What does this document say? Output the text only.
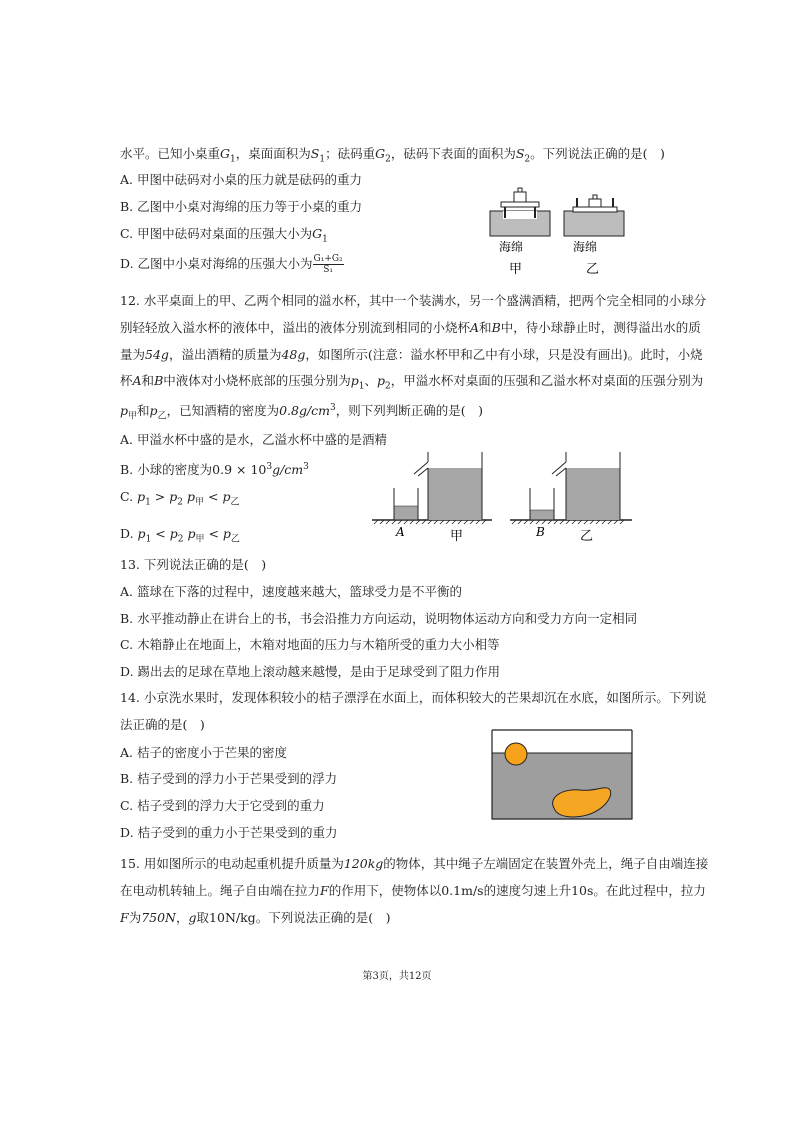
水平。已知小桌重$G_1$，桌面面积为$S_1$；砝码重$G_2$，砝码下表面的面积为$S_2$。下列说法正确的是(　)
A. 甲图中砝码对小桌的压力就是砝码的重力
B. 乙图中小桌对海绵的压力等于小桌的重力
C. 甲图中砝码对桌面的压强大小为$G_1$
D. 乙图中小桌对海绵的压强大小为 $\frac{\text{G₁+G₂}}{\text{S₁}}$
海绵	海绵
甲	乙
12. 水平桌面上的甲、乙两个相同的溢水杯，其中一个装满水，另一个盛满酒精，把两个完全相同的小球分
别轻轻放入溢水杯的液体中，溢出的液体分别流到相同的小烧杯A和B中，待小球静止时，测得溢出水的质
量为54g，溢出酒精的质量为48g，如图所示(注意：溢水杯甲和乙中有小球，只是没有画出)。此时，小烧
杯A和B中液体对小烧杯底部的压强分别为$p_1$、$p_2$，甲溢水杯对桌面的压强和乙溢水杯对桌面的压强分别为
$p_甲$和$p_乙$，已知酒精的密度为$0.8g/cm^3$，则下列判断正确的是(　)
A. 甲溢水杯中盛的是水，乙溢水杯中盛的是酒精
B. 小球的密度为$0.9 \times 10^3g/cm^3$
C. $p_1 > p_2$ $p_甲 < p_乙$
D. $p_1 < p_2$ $p_甲 < p_乙$
A	甲	B	乙
13. 下列说法正确的是(　)
A. 篮球在下落的过程中，速度越来越大，篮球受力是不平衡的
B. 水平推动静止在讲台上的书，书会沿推力方向运动，说明物体运动方向和受力方向一定相同
C. 木箱静止在地面上，木箱对地面的压力与木箱所受的重力大小相等
D. 踢出去的足球在草地上滚动越来越慢，是由于足球受到了阻力作用
14. 小京洗水果时，发现体积较小的桔子漂浮在水面上，而体积较大的芒果却沉在水底，如图所示。下列说
法正确的是(　)
A. 桔子的密度小于芒果的密度
B. 桔子受到的浮力小于芒果受到的浮力
C. 桔子受到的浮力大于它受到的重力
D. 桔子受到的重力小于芒果受到的重力
15. 用如图所示的电动起重机提升质量为120kg的物体，其中绳子左端固定在装置外壳上，绳子自由端连接
在电动机转轴上。绳子自由端在拉力F的作用下，使物体以0.1m/s的速度匀速上升10s。在此过程中，拉力
F为750N，g取10N/kg。下列说法正确的是(　)
第3页，共12页
